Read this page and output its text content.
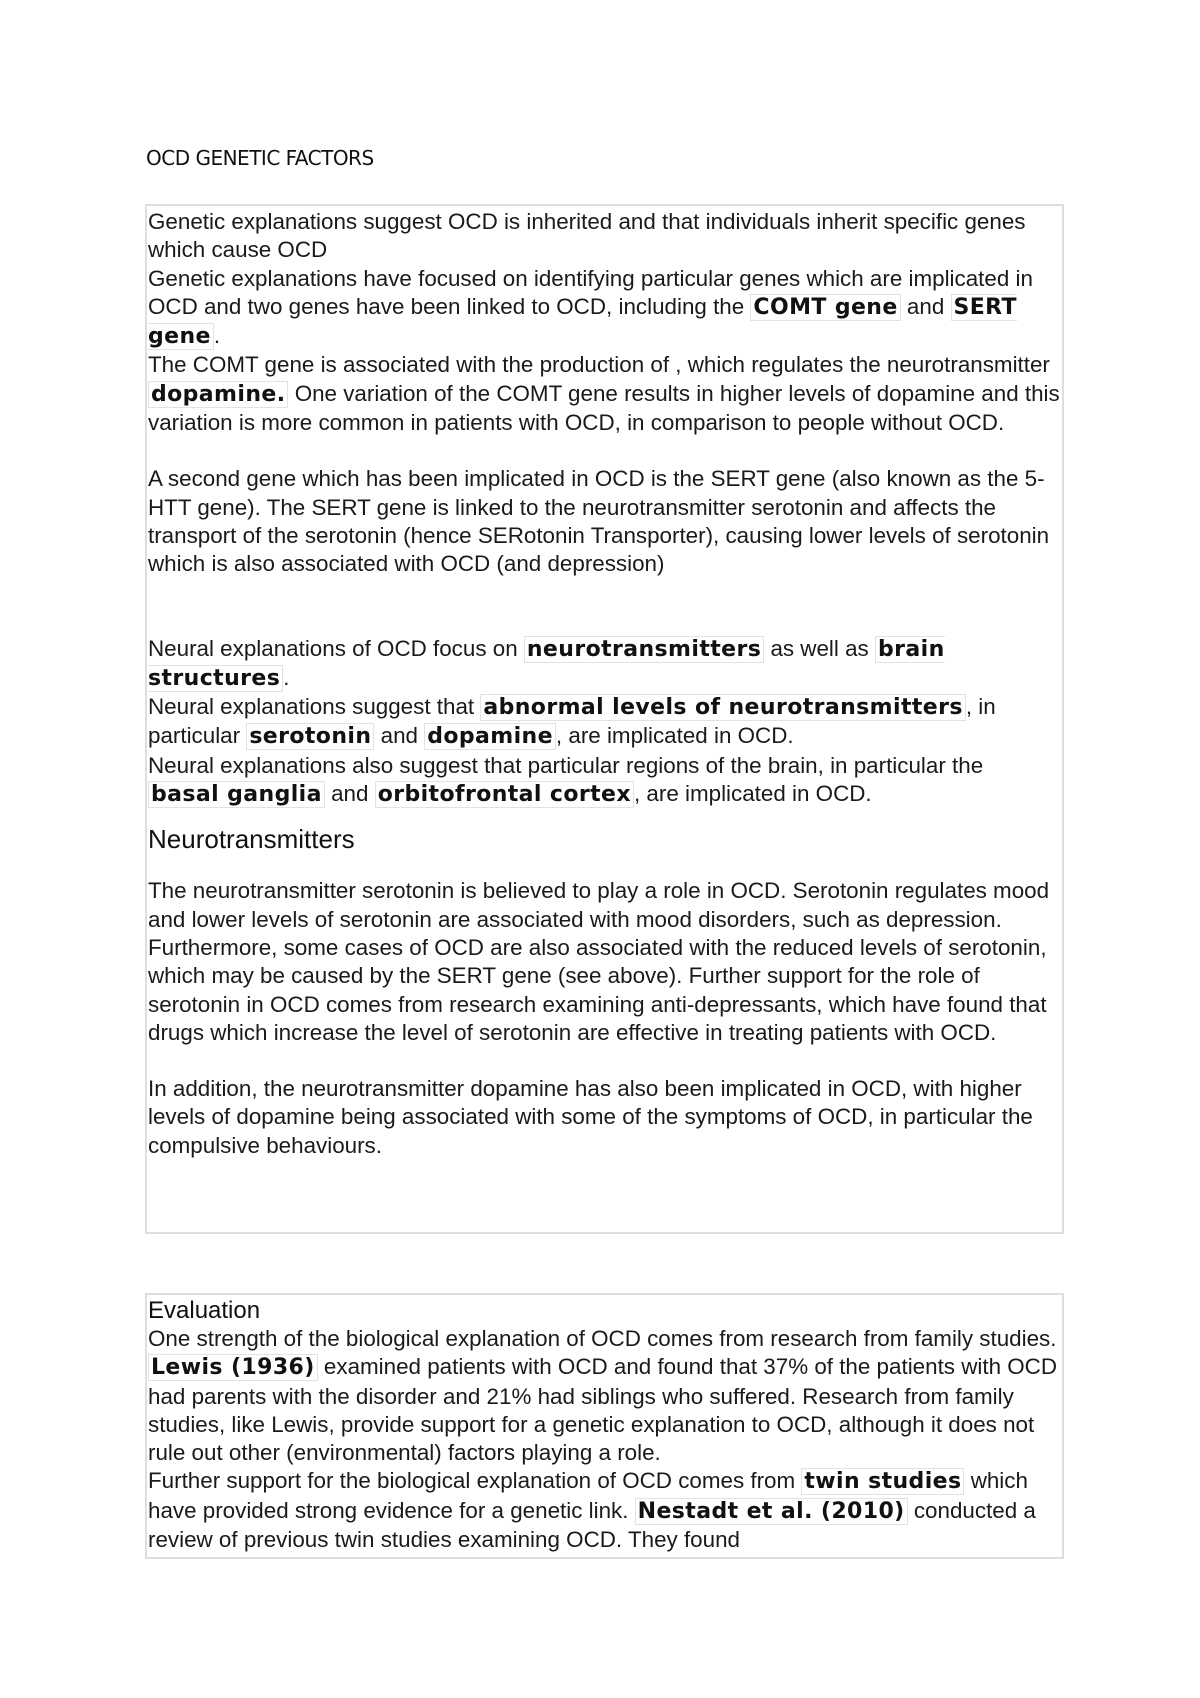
OCD GENETIC FACTORS

Genetic explanations suggest OCD is inherited and that individuals inherit specific genes which cause OCD

Genetic explanations have focused on identifying particular genes which are implicated in OCD and two genes have been linked to OCD, including the COMT gene and SERT gene .

The COMT gene is associated with the production of , which regulates the neurotransmitter dopamine. One variation of the COMT gene results in higher levels of dopamine and this variation is more common in patients with OCD, in comparison to people without OCD.

A second gene which has been implicated in OCD is the SERT gene (also known as the 5-HTT gene). The SERT gene is linked to the neurotransmitter serotonin and affects the transport of the serotonin (hence SERotonin Transporter), causing lower levels of serotonin which is also associated with OCD (and depression)

Neural explanations of OCD focus on neurotransmitters as well as brain structures .

Neural explanations suggest that abnormal levels of neurotransmitters , in particular serotonin and dopamine , are implicated in OCD.

Neural explanations also suggest that particular regions of the brain, in particular the basal ganglia and orbitofrontal cortex , are implicated in OCD.

Neurotransmitters

The neurotransmitter serotonin is believed to play a role in OCD. Serotonin regulates mood and lower levels of serotonin are associated with mood disorders, such as depression. Furthermore, some cases of OCD are also associated with the reduced levels of serotonin, which may be caused by the SERT gene (see above). Further support for the role of serotonin in OCD comes from research examining anti-depressants, which have found that drugs which increase the level of serotonin are effective in treating patients with OCD.

In addition, the neurotransmitter dopamine has also been implicated in OCD, with higher levels of dopamine being associated with some of the symptoms of OCD, in particular the compulsive behaviours.

Evaluation

One strength of the biological explanation of OCD comes from research from family studies. Lewis (1936) examined patients with OCD and found that 37% of the patients with OCD had parents with the disorder and 21% had siblings who suffered. Research from family studies, like Lewis, provide support for a genetic explanation to OCD, although it does not rule out other (environmental) factors playing a role.

Further support for the biological explanation of OCD comes from twin studies which have provided strong evidence for a genetic link. Nestadt et al. (2010) conducted a review of previous twin studies examining OCD. They found
